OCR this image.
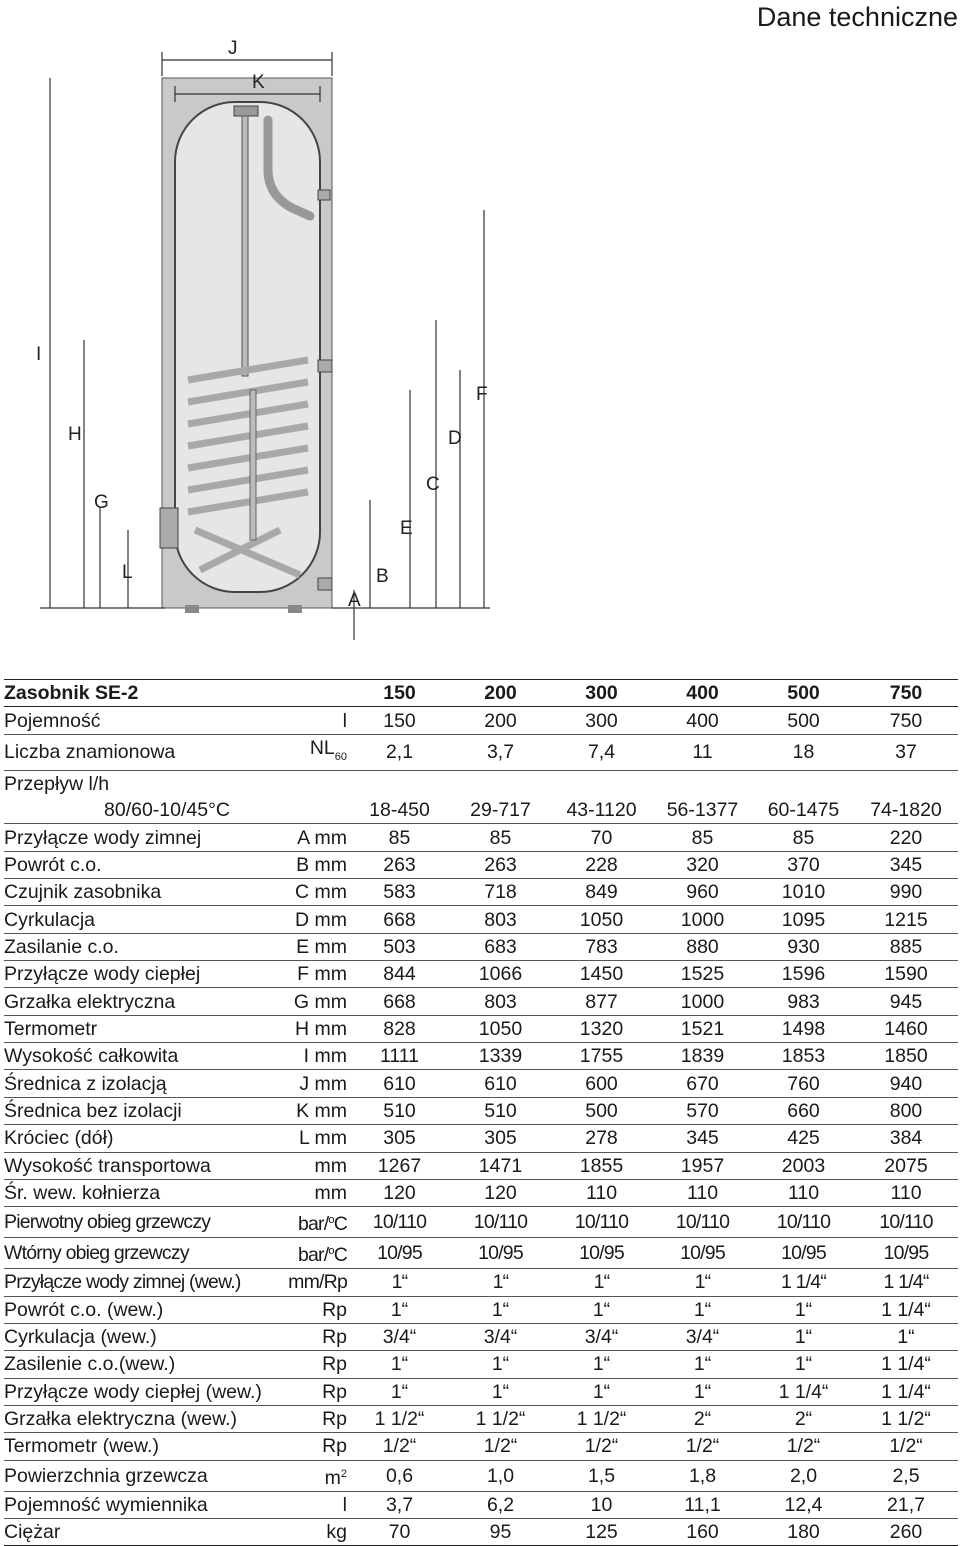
Dane techniczne
J
K
I
H
G
L
A
B
C
D
E
F
Zasobnik SE-2		150	200	300	400	500	750
Pojemność	l	150	200	300	400	500	750
Liczba znamionowa	$NL_{60}$	2,1	3,7	7,4	11	18	37
Przepływ l/h							
80/60-10/45°C		18-450	29-717	43-1120	56-1377	60-1475	74-1820
Przyłącze wody zimnej	A mm	85	85	70	85	85	220
Powrót c.o.	B mm	263	263	228	320	370	345
Czujnik zasobnika	C mm	583	718	849	960	1010	990
Cyrkulacja	D mm	668	803	1050	1000	1095	1215
Zasilanie c.o.	E mm	503	683	783	880	930	885
Przyłącze wody ciepłej	F mm	844	1066	1450	1525	1596	1590
Grzałka elektryczna	G mm	668	803	877	1000	983	945
Termometr	H mm	828	1050	1320	1521	1498	1460
Wysokość całkowita	I mm	1111	1339	1755	1839	1853	1850
Średnica z izolacją	J mm	610	610	600	670	760	940
Średnica bez izolacji	K mm	510	510	500	570	660	800
Króciec (dół)	L mm	305	305	278	345	425	384
Wysokość transportowa	mm	1267	1471	1855	1957	2003	2075
Śr. wew. kołnierza	mm	120	120	110	110	110	110
Pierwotny obieg grzewczy	bar/$^o$C	10/110	10/110	10/110	10/110	10/110	10/110
Wtórny obieg grzewczy	bar/$^o$C	10/95	10/95	10/95	10/95	10/95	10/95
Przyłącze wody zimnej (wew.)	mm/Rp	1“	1“	1“	1“	1 1/4“	1 1/4“
Powrót c.o. (wew.)	Rp	1“	1“	1“	1“	1“	1 1/4“
Cyrkulacja (wew.)	Rp	3/4“	3/4“	3/4“	3/4“	1“	1“
Zasilenie c.o.(wew.)	Rp	1“	1“	1“	1“	1“	1 1/4“
Przyłącze wody ciepłej (wew.)	Rp	1“	1“	1“	1“	1 1/4“	1 1/4“
Grzałka elektryczna (wew.)	Rp	1 1/2“	1 1/2“	1 1/2“	2“	2“	1 1/2“
Termometr (wew.)	Rp	1/2“	1/2“	1/2“	1/2“	1/2“	1/2“
Powierzchnia grzewcza	$m^2$	0,6	1,0	1,5	1,8	2,0	2,5
Pojemność wymiennika	l	3,7	6,2	10	11,1	12,4	21,7
Ciężar	kg	70	95	125	160	180	260
